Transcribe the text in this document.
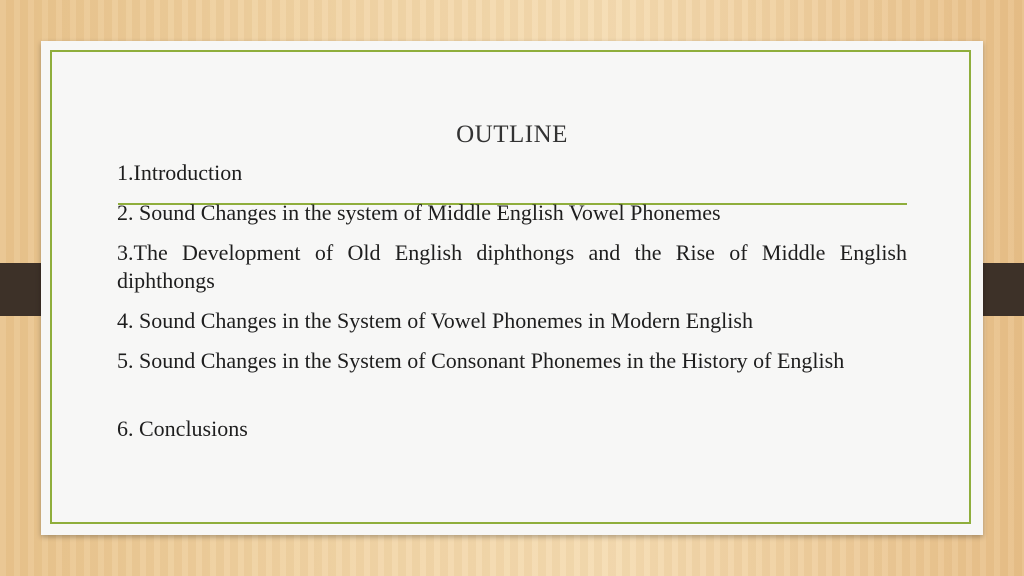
OUTLINE
1.Introduction
2. Sound Changes in the system of Middle English Vowel Phonemes
3.The Development of Old English diphthongs and the Rise of Middle English diphthongs
4. Sound Changes in the System of Vowel Phonemes in Modern English
5. Sound Changes in the System of Consonant Phonemes in the History of English
6. Conclusions
